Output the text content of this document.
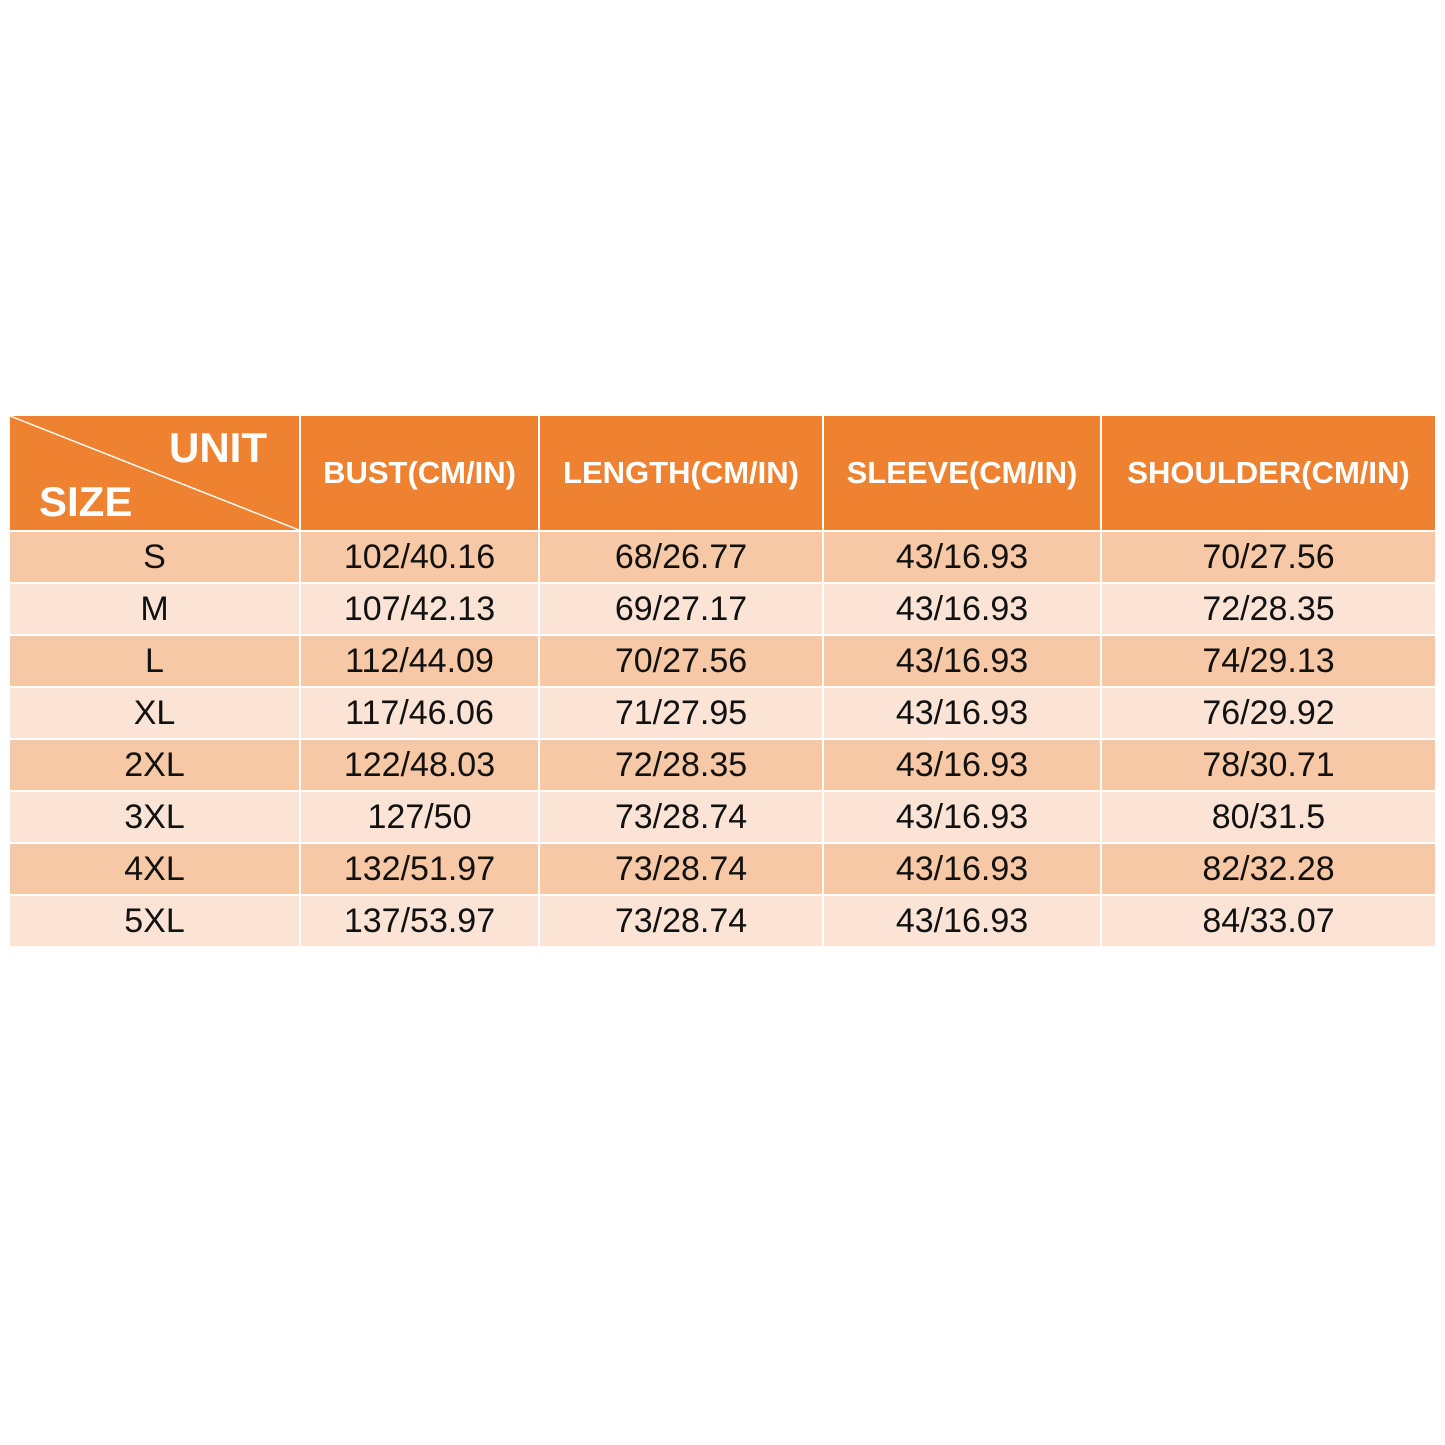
UNIT
SIZE	BUST(CM/IN)	LENGTH(CM/IN)	SLEEVE(CM/IN)	SHOULDER(CM/IN)
S	102/40.16	68/26.77	43/16.93	70/27.56
M	107/42.13	69/27.17	43/16.93	72/28.35
L	112/44.09	70/27.56	43/16.93	74/29.13
XL	117/46.06	71/27.95	43/16.93	76/29.92
2XL	122/48.03	72/28.35	43/16.93	78/30.71
3XL	127/50	73/28.74	43/16.93	80/31.5
4XL	132/51.97	73/28.74	43/16.93	82/32.28
5XL	137/53.97	73/28.74	43/16.93	84/33.07
